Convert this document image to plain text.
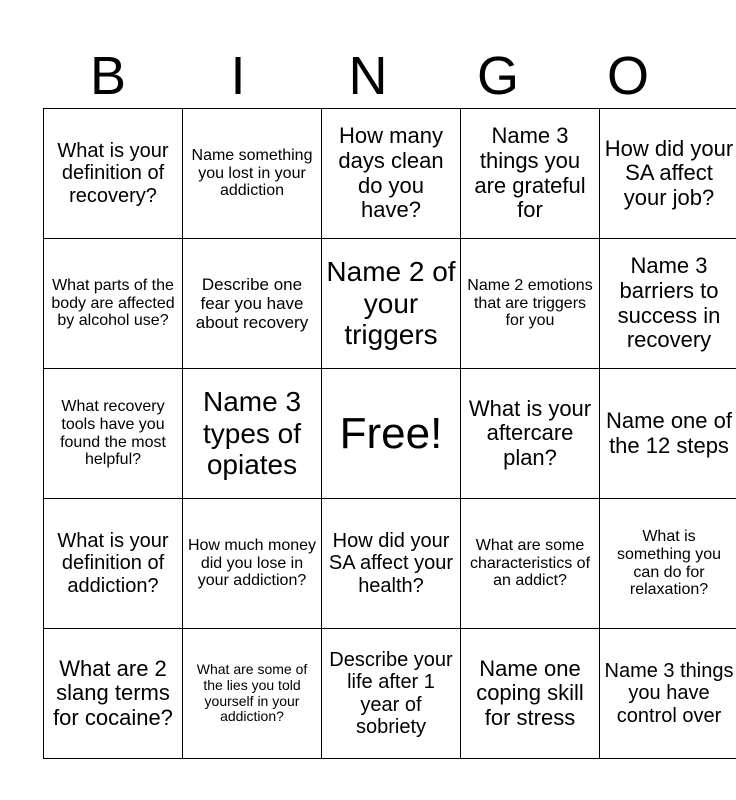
B	I	N	G	O
What is your definition of recovery?	Name something you lost in your addiction	How many days clean do you have?	Name 3 things you are grateful for	How did your SA affect your job?
What parts of the body are affected by alcohol use?	Describe one fear you have about recovery	Name 2 of your triggers	Name 2 emotions that are triggers for you	Name 3 barriers to success in recovery
What recovery tools have you found the most helpful?	Name 3 types of opiates	Free!	What is your aftercare plan?	Name one of the 12 steps
What is your definition of addiction?	How much money did you lose in your addiction?	How did your SA affect your health?	What are some characteristics of an addict?	What is something you can do for relaxation?
What are 2 slang terms for cocaine?	What are some of the lies you told yourself in your addiction?	Describe your life after 1 year of sobriety	Name one coping skill for stress	Name 3 things you have control over
